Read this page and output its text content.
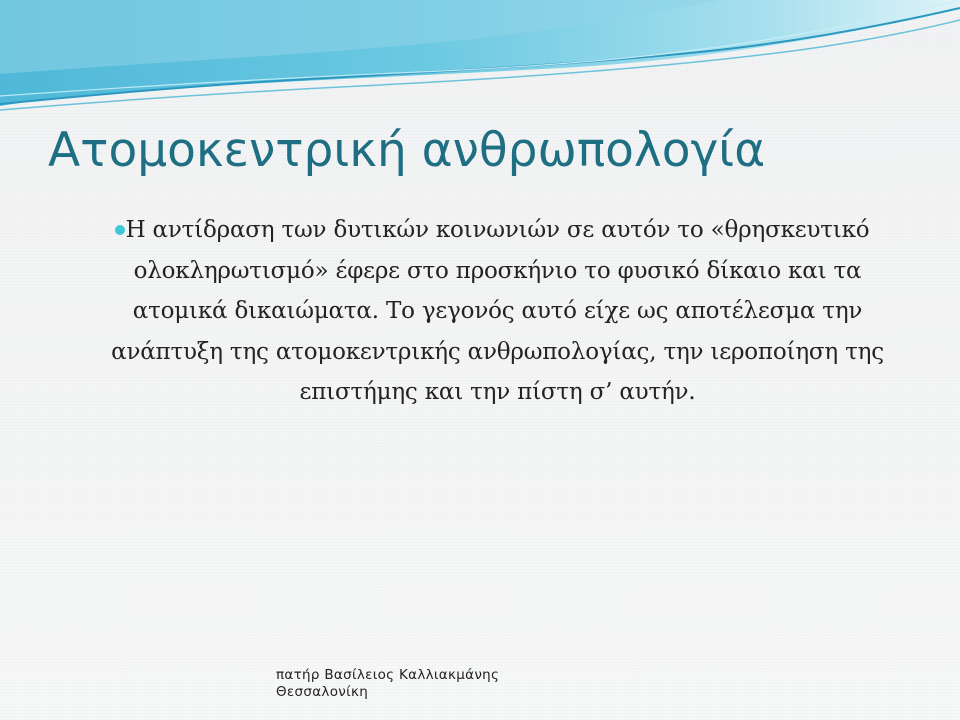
Ατομοκεντρική ανθρωπολογία

Η αντίδραση των δυτικών κοινωνιών σε αυτόν το «θρησκευτικό ολοκληρωτισμό» έφερε στο προσκήνιο το φυσικό δίκαιο και τα ατομικά δικαιώματα. Το γεγονός αυτό είχε ως αποτέλεσμα την ανάπτυξη της ατομοκεντρικής ανθρωπολογίας, την ιεροποίηση της επιστήμης και την πίστη σ’ αυτήν.

πατήρ Βασίλειος Καλλιακμάνης
Θεσσαλονίκη
